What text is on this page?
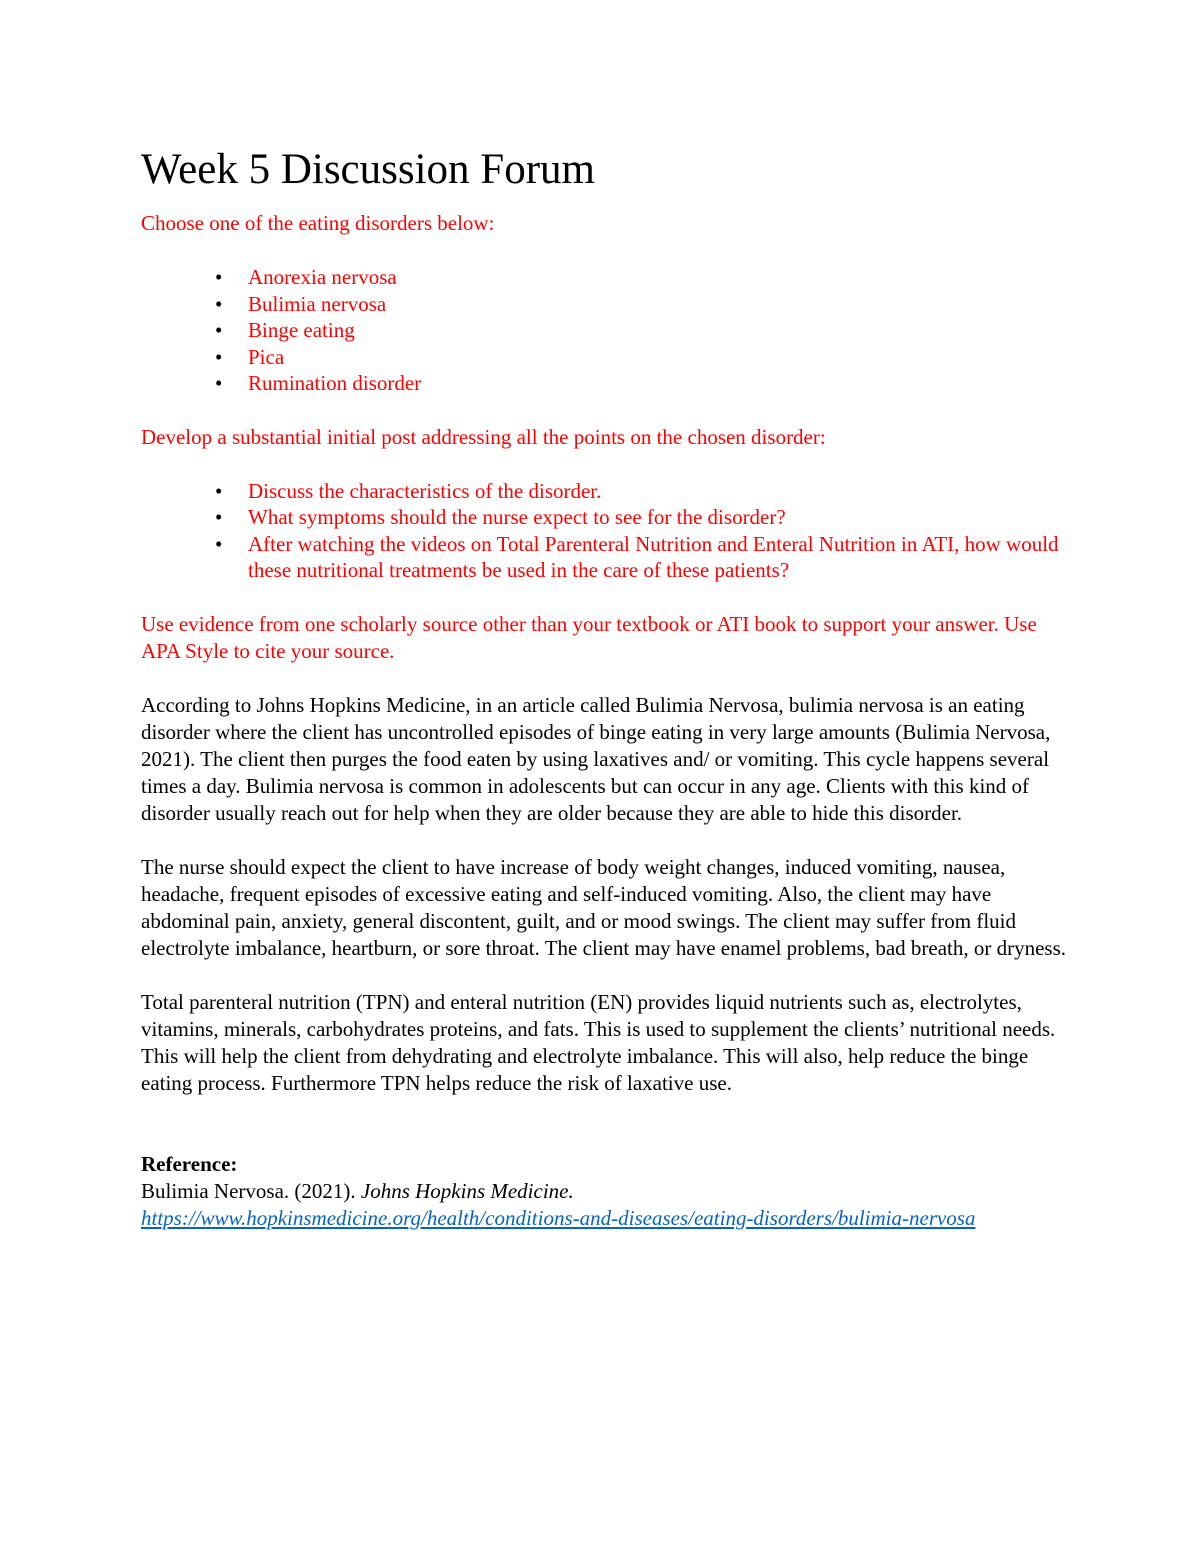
Week 5 Discussion Forum

Choose one of the eating disorders below:

• Anorexia nervosa
• Bulimia nervosa
• Binge eating
• Pica
• Rumination disorder

Develop a substantial initial post addressing all the points on the chosen disorder:

• Discuss the characteristics of the disorder.
• What symptoms should the nurse expect to see for the disorder?
• After watching the videos on Total Parenteral Nutrition and Enteral Nutrition in ATI, how would these nutritional treatments be used in the care of these patients?

Use evidence from one scholarly source other than your textbook or ATI book to support your answer. Use APA Style to cite your source.

According to Johns Hopkins Medicine, in an article called Bulimia Nervosa, bulimia nervosa is an eating disorder where the client has uncontrolled episodes of binge eating in very large amounts (Bulimia Nervosa, 2021). The client then purges the food eaten by using laxatives and/ or vomiting. This cycle happens several times a day. Bulimia nervosa is common in adolescents but can occur in any age. Clients with this kind of disorder usually reach out for help when they are older because they are able to hide this disorder.

The nurse should expect the client to have increase of body weight changes, induced vomiting, nausea, headache, frequent episodes of excessive eating and self-induced vomiting. Also, the client may have abdominal pain, anxiety, general discontent, guilt, and or mood swings. The client may suffer from fluid electrolyte imbalance, heartburn, or sore throat. The client may have enamel problems, bad breath, or dryness.

Total parenteral nutrition (TPN) and enteral nutrition (EN) provides liquid nutrients such as, electrolytes, vitamins, minerals, carbohydrates proteins, and fats. This is used to supplement the clients’ nutritional needs. This will help the client from dehydrating and electrolyte imbalance. This will also, help reduce the binge eating process. Furthermore TPN helps reduce the risk of laxative use.

Reference:

Bulimia Nervosa. (2021). Johns Hopkins Medicine.

https://www.hopkinsmedicine.org/health/conditions-and-diseases/eating-disorders/bulimia-nervosa
